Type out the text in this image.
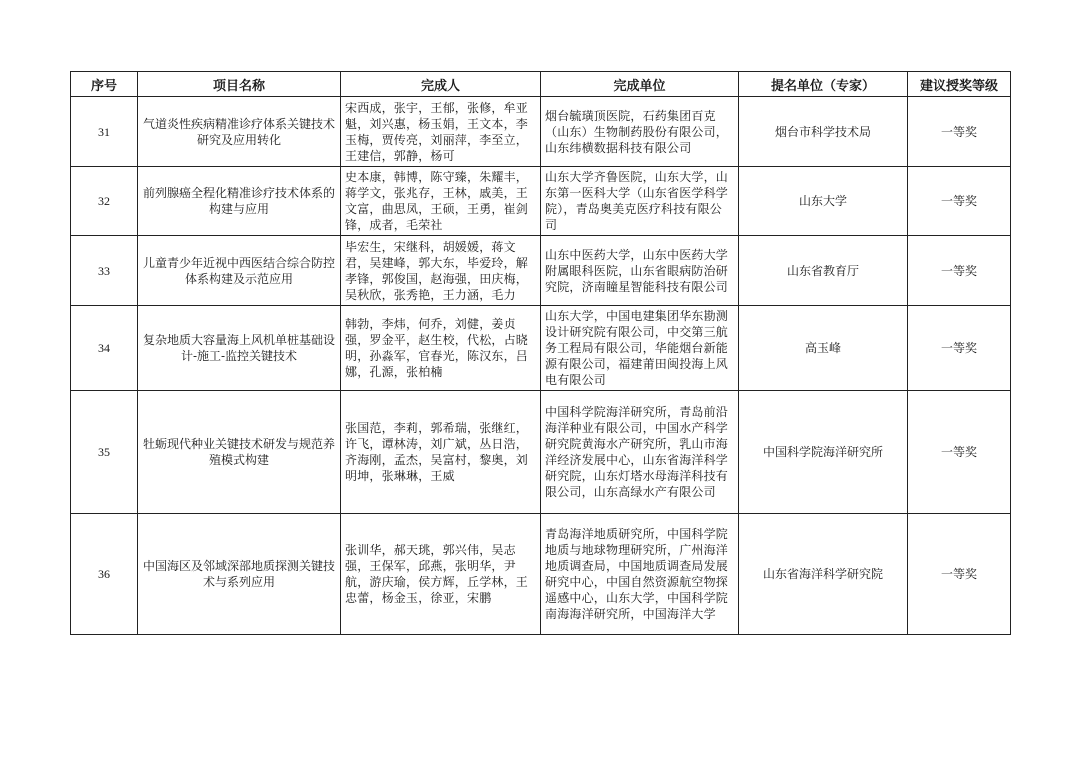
序号	项目名称	完成人	完成单位	提名单位（专家）	建议授奖等级
31	气道炎性疾病精准诊疗体系关键技术研究及应用转化	宋西成，张宇，王郁，张修，牟亚魁，刘兴惠，杨玉娟，王文本，李玉梅，贾传亮，刘丽萍，李至立，王建信，郭静，杨可	烟台毓璜顶医院，石药集团百克（山东）生物制药股份有限公司，山东纬横数据科技有限公司	烟台市科学技术局	一等奖
32	前列腺癌全程化精准诊疗技术体系的构建与应用	史本康，韩博，陈守臻，朱耀丰，蒋学文，张兆存，王林，戚美，王文富，曲思凤，王硕，王勇，崔剑锋，成者，毛荣社	山东大学齐鲁医院，山东大学，山东第一医科大学（山东省医学科学院），青岛奥美克医疗科技有限公司	山东大学	一等奖
33	儿童青少年近视中西医结合综合防控体系构建及示范应用	毕宏生，宋继科，胡媛媛，蒋文君，吴建峰，郭大东，毕爱玲，解孝锋，郭俊国，赵海强，田庆梅，吴秋欣，张秀艳，王力涵，毛力	山东中医药大学，山东中医药大学附属眼科医院，山东省眼病防治研究院，济南瞳星智能科技有限公司	山东省教育厅	一等奖
34	复杂地质大容量海上风机单桩基础设计-施工-监控关键技术	韩勃，李炜，何乔，刘健，姜贞强，罗金平，赵生校，代松，占晓明，孙淼军，官春光，陈汉东，吕娜，孔源，张柏楠	山东大学，中国电建集团华东勘测设计研究院有限公司，中交第三航务工程局有限公司，华能烟台新能源有限公司，福建莆田闽投海上风电有限公司	高玉峰	一等奖
35	牡蛎现代种业关键技术研发与规范养殖模式构建	张国范，李莉，郭希瑞，张继红，许飞，谭林涛，刘广斌，丛日浩，齐海刚，孟杰，吴富村，黎奥，刘明坤，张琳琳，王威	中国科学院海洋研究所，青岛前沿海洋种业有限公司，中国水产科学研究院黄海水产研究所，乳山市海洋经济发展中心，山东省海洋科学研究院，山东灯塔水母海洋科技有限公司，山东高绿水产有限公司	中国科学院海洋研究所	一等奖
36	中国海区及邻域深部地质探测关键技术与系列应用	张训华，郝天珧，郭兴伟，吴志强，王保军，邱燕，张明华，尹航，游庆瑜，侯方辉，丘学林，王忠蕾，杨金玉，徐亚，宋鹏	青岛海洋地质研究所，中国科学院地质与地球物理研究所，广州海洋地质调查局，中国地质调查局发展研究中心，中国自然资源航空物探遥感中心，山东大学，中国科学院南海海洋研究所，中国海洋大学	山东省海洋科学研究院	一等奖
